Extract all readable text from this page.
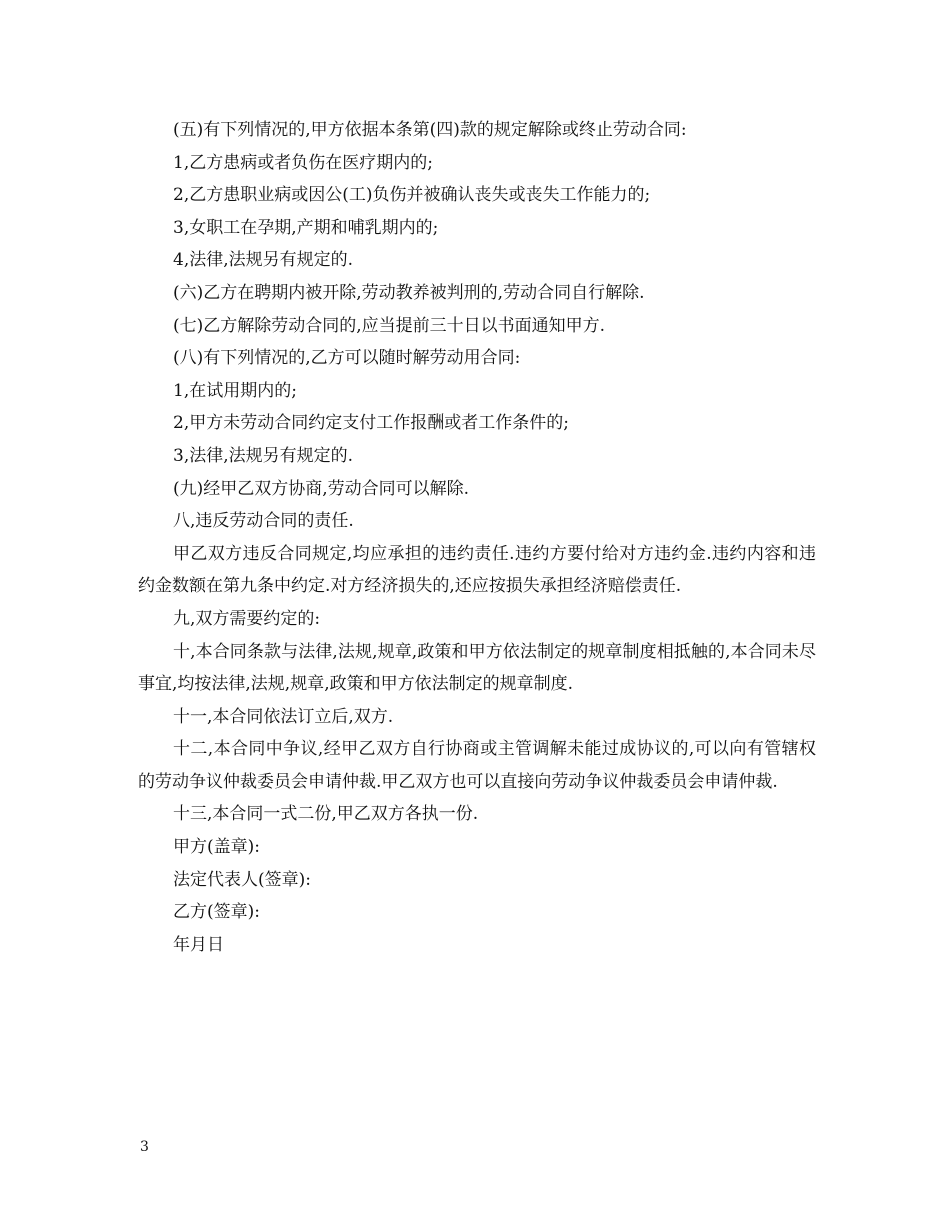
(五)有下列情况的,甲方依据本条第(四)款的规定解除或终止劳动合同:

1,乙方患病或者负伤在医疗期内的;

2,乙方患职业病或因公(工)负伤并被确认丧失或丧失工作能力的;

3,女职工在孕期,产期和哺乳期内的;

4,法律,法规另有规定的.

(六)乙方在聘期内被开除,劳动教养被判刑的,劳动合同自行解除.

(七)乙方解除劳动合同的,应当提前三十日以书面通知甲方.

(八)有下列情况的,乙方可以随时解劳动用合同:

1,在试用期内的;

2,甲方未劳动合同约定支付工作报酬或者工作条件的;

3,法律,法规另有规定的.

(九)经甲乙双方协商,劳动合同可以解除.

八,违反劳动合同的责任.

甲乙双方违反合同规定,均应承担的违约责任.违约方要付给对方违约金.违约内容和违约金数额在第九条中约定.对方经济损失的,还应按损失承担经济赔偿责任.

九,双方需要约定的:

十,本合同条款与法律,法规,规章,政策和甲方依法制定的规章制度相抵触的,本合同未尽事宜,均按法律,法规,规章,政策和甲方依法制定的规章制度.

十一,本合同依法订立后,双方.

十二,本合同中争议,经甲乙双方自行协商或主管调解未能过成协议的,可以向有管辖权的劳动争议仲裁委员会申请仲裁.甲乙双方也可以直接向劳动争议仲裁委员会申请仲裁.

十三,本合同一式二份,甲乙双方各执一份.

甲方(盖章):

法定代表人(签章):

乙方(签章):

年月日

3
